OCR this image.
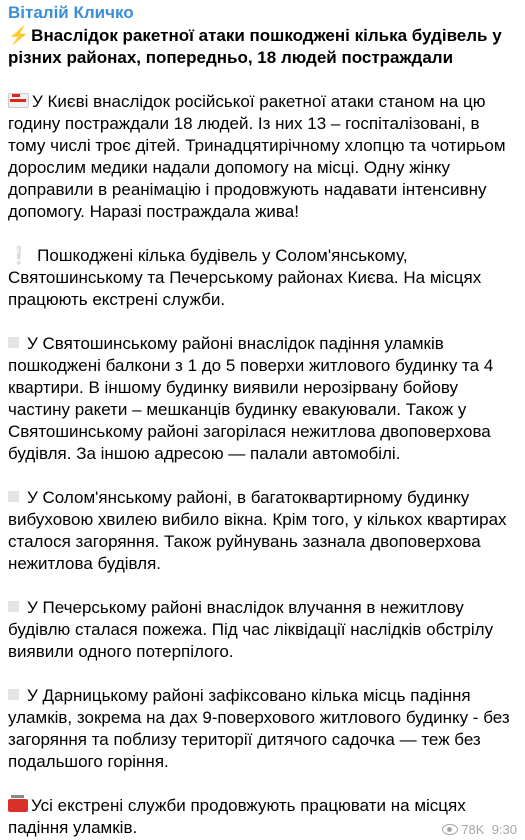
Віталій Кличко
⚡ Внаслідок ракетної атаки пошкоджені кілька будівель у різних районах, попередньо, 18 людей постраждали
У Києві внаслідок російської ракетної атаки станом на цю годину постраждали 18 людей. Із них 13 – госпіталізовані, в тому числі троє дітей. Тринадцятирічному хлопцю та чотирьом дорослим медики надали допомогу на місці. Одну жінку доправили в реанімацію і продовжують надавати інтенсивну допомогу. Наразі постраждала жива!
❕ Пошкоджені кілька будівель у Солом'янському, Святошинському та Печерському районах Києва. На місцях працюють екстрені служби.
У Святошинському районі внаслідок падіння уламків пошкоджені балкони з 1 до 5 поверхи житлового будинку та 4 квартири. В іншому будинку виявили нерозірвану бойову частину ракети – мешканців будинку евакуювали. Також у Святошинському районі загорілася нежитлова двоповерхова будівля. За іншою адресою — палали автомобілі.
У Солом'янському районі, в багатоквартирному будинку вибуховою хвилею вибило вікна. Крім того, у кількох квартирах сталося загоряння. Також руйнувань зазнала двоповерхова нежитлова будівля.
У Печерському районі внаслідок влучання в нежитлову будівлю сталася пожежа. Під час ліквідації наслідків обстрілу виявили одного потерпілого.
У Дарницькому районі зафіксовано кілька місць падіння уламків, зокрема на дах 9-поверхового житлового будинку - без загоряння та поблизу території дитячого садочка — теж без подальшого горіння.
Усі екстрені служби продовжують працювати на місцях падіння уламків.	78K 9:30
